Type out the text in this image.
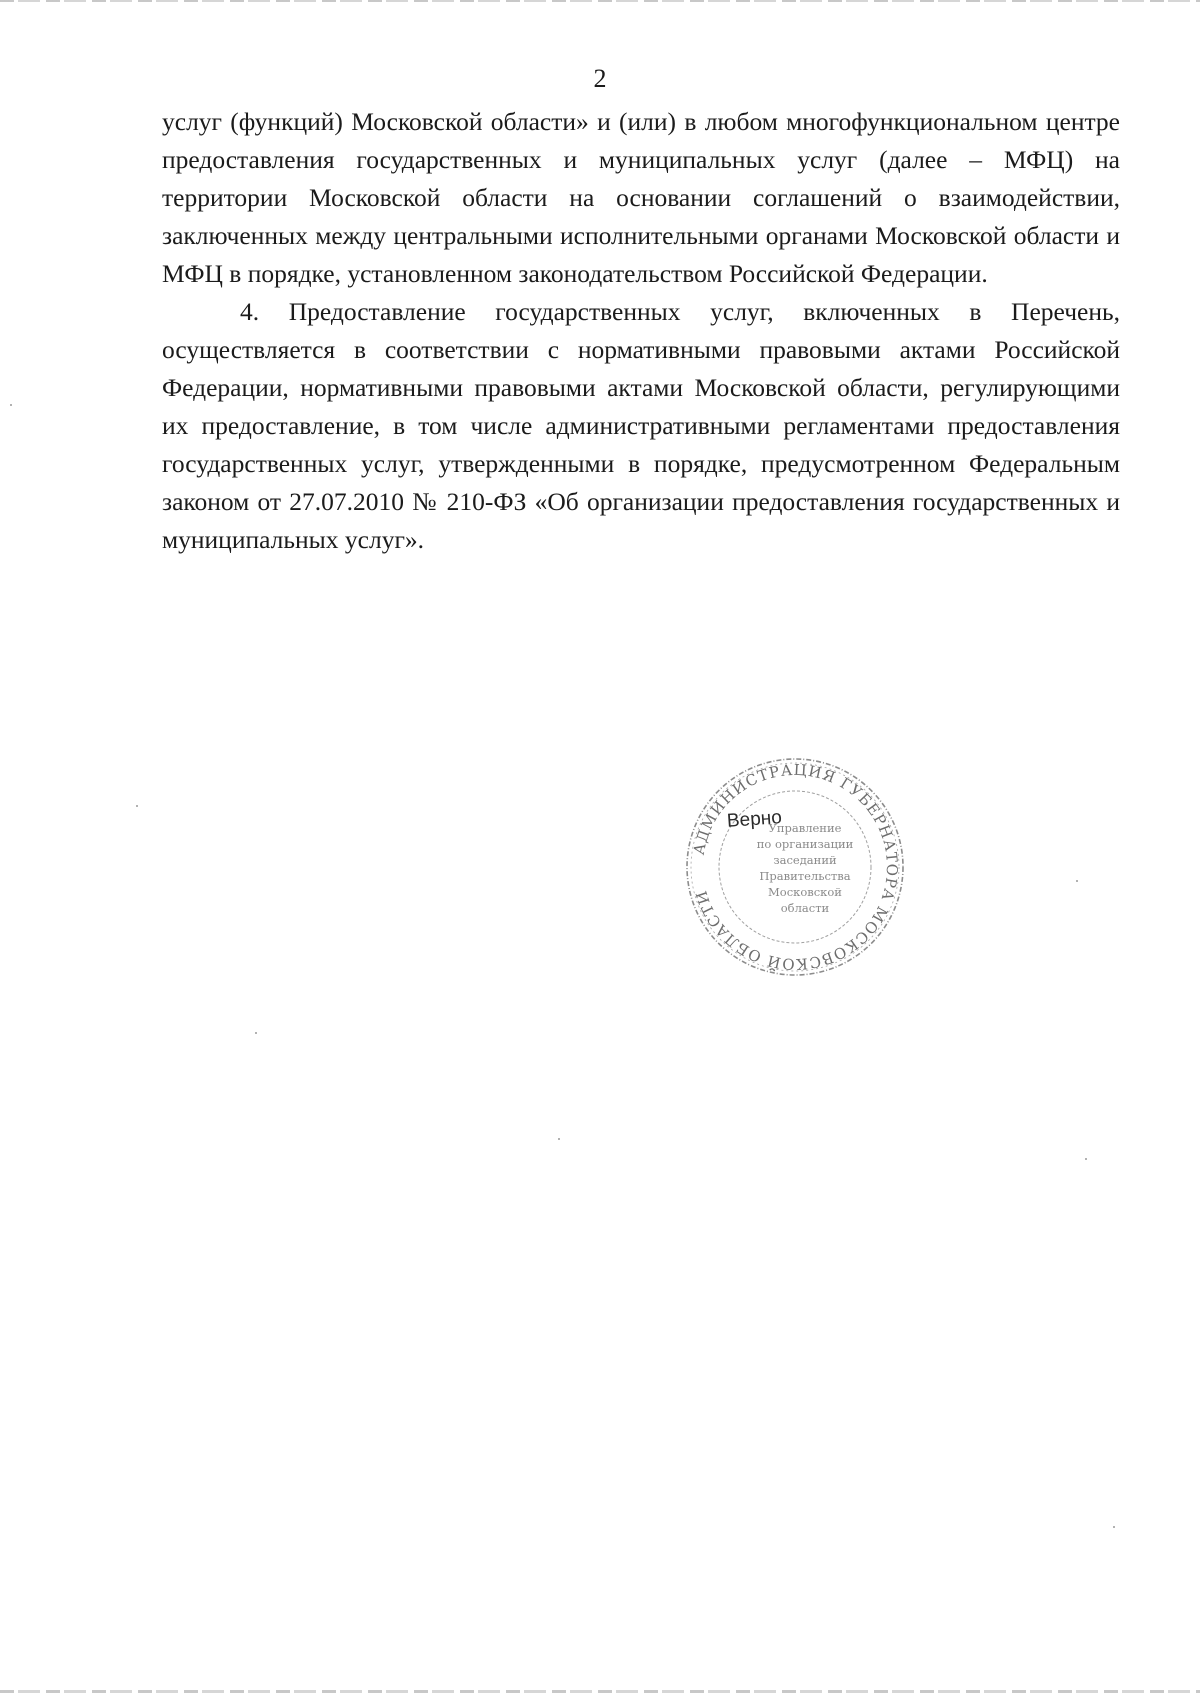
2

услуг (функций) Московской области» и (или) в любом многофункциональном центре предоставления государственных и муниципальных услуг (далее – МФЦ) на территории Московской области на основании соглашений о взаимодействии, заключенных между центральными исполнительными органами Московской области и МФЦ в порядке, установленном законодательством Российской Федерации.

4. Предоставление государственных услуг, включенных в Перечень, осуществляется в соответствии с нормативными правовыми актами Российской Федерации, нормативными правовыми актами Московской области, регулирующими их предоставление, в том числе административными регламентами предоставления государственных услуг, утвержденными в порядке, предусмотренном Федеральным законом от 27.07.2010 № 210-ФЗ «Об организации предоставления государственных и муниципальных услуг».

АДМИНИСТРАЦИЯ ГУБЕРНАТОРА МОСКОВСКОЙ ОБЛАСТИ
Управление
по организации
заседаний
Правительства
Московской
области
Верно
